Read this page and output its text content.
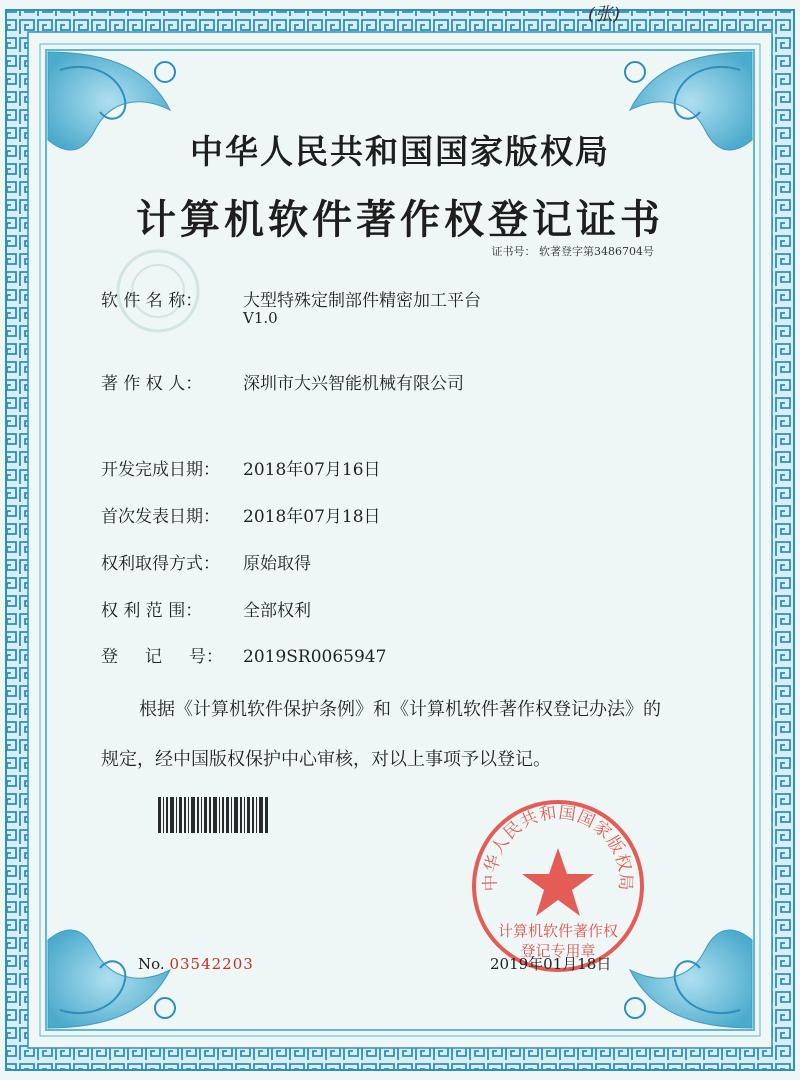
(张)
中华人民共和国国家版权局
计算机软件著作权登记证书
证书号： 软著登字第3486704号
软 件 名 称： 大型特殊定制部件精密加工平台
V1.0
著 作 权 人： 深圳市大兴智能机械有限公司
开发完成日期： 2018年07月16日
首次发表日期： 2018年07月18日
权利取得方式： 原始取得
权 利 范 围： 全部权利
登     记     号： 2019SR0065947
根据《计算机软件保护条例》和《计算机软件著作权登记办法》的
规定，经中国版权保护中心审核，对以上事项予以登记。
中华人民共和国国家版权局
计算机软件著作权
登记专用章
No. 03542203	2019年01月18日
